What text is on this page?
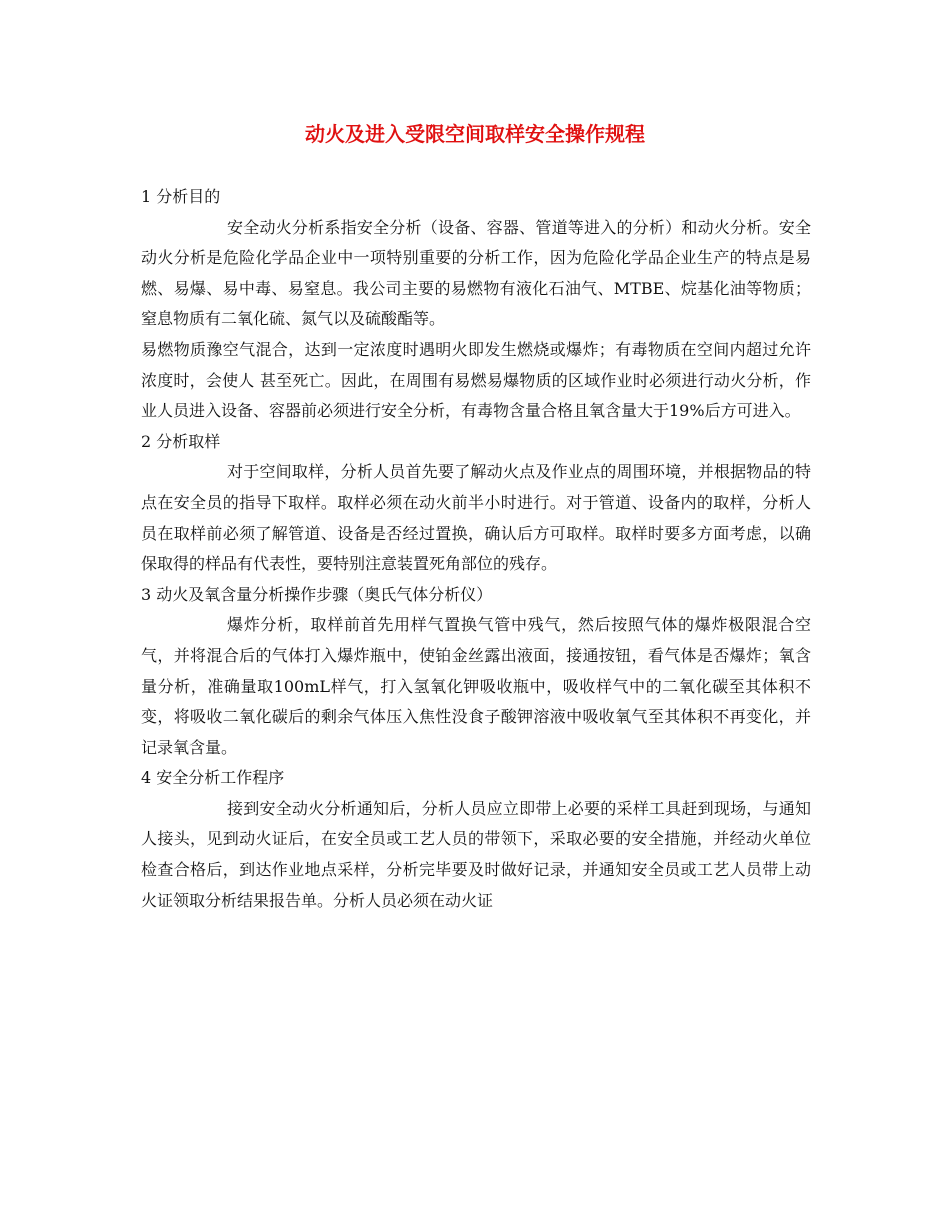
动火及进入受限空间取样安全操作规程

1 分析目的

安全动火分析系指安全分析（设备、容器、管道等进入的分析）和动火分析。安全动火分析是危险化学品企业中一项特别重要的分析工作，因为危险化学品企业生产的特点是易燃、易爆、易中毒、易窒息。我公司主要的易燃物有液化石油气、MTBE、烷基化油等物质；窒息物质有二氧化硫、氮气以及硫酸酯等。

易燃物质豫空气混合，达到一定浓度时遇明火即发生燃烧或爆炸；有毒物质在空间内超过允许浓度时，会使人 甚至死亡。因此，在周围有易燃易爆物质的区域作业时必须进行动火分析，作业人员进入设备、容器前必须进行安全分析，有毒物含量合格且氧含量大于19%后方可进入。

2 分析取样

对于空间取样，分析人员首先要了解动火点及作业点的周围环境，并根据物品的特点在安全员的指导下取样。取样必须在动火前半小时进行。对于管道、设备内的取样，分析人员在取样前必须了解管道、设备是否经过置换，确认后方可取样。取样时要多方面考虑，以确保取得的样品有代表性，要特别注意装置死角部位的残存。

3 动火及氧含量分析操作步骤（奥氏气体分析仪）

爆炸分析，取样前首先用样气置换气管中残气，然后按照气体的爆炸极限混合空气，并将混合后的气体打入爆炸瓶中，使铂金丝露出液面，接通按钮，看气体是否爆炸；氧含量分析，准确量取100mL样气，打入氢氧化钾吸收瓶中，吸收样气中的二氧化碳至其体积不变，将吸收二氧化碳后的剩余气体压入焦性没食子酸钾溶液中吸收氧气至其体积不再变化，并记录氧含量。

4 安全分析工作程序

接到安全动火分析通知后，分析人员应立即带上必要的采样工具赶到现场，与通知人接头，见到动火证后，在安全员或工艺人员的带领下，采取必要的安全措施，并经动火单位检查合格后，到达作业地点采样，分析完毕要及时做好记录，并通知安全员或工艺人员带上动火证领取分析结果报告单。分析人员必须在动火证
